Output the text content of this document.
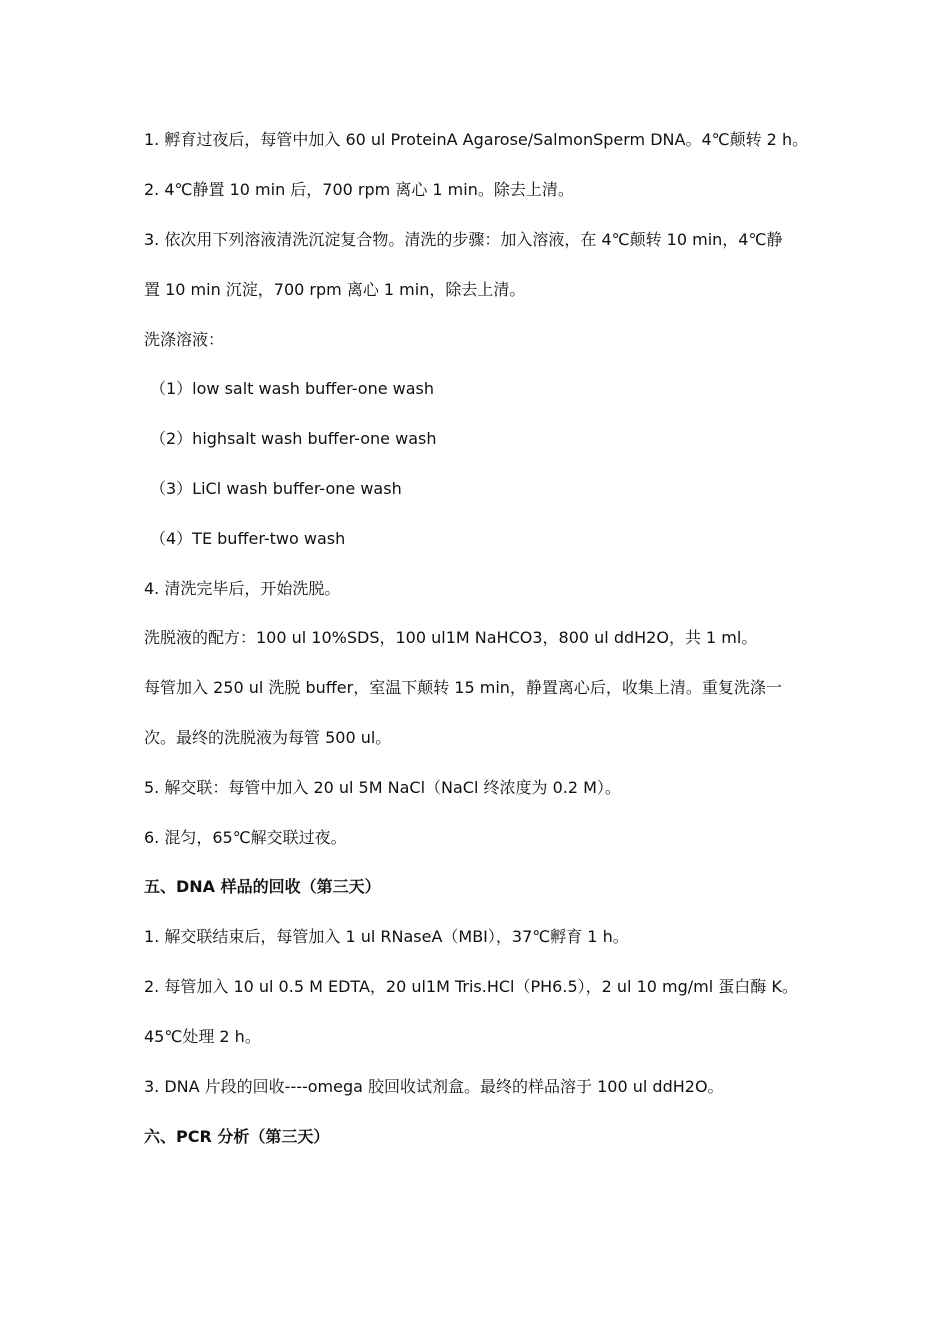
1. 孵育过夜后，每管中加入 60 ul ProteinA Agarose/SalmonSperm DNA。4℃颠转 2 h。
2. 4℃静置 10 min 后，700 rpm 离心 1 min。除去上清。
3. 依次用下列溶液清洗沉淀复合物。清洗的步骤：加入溶液，在 4℃颠转 10 min，4℃静
置 10 min 沉淀，700 rpm 离心 1 min，除去上清。
洗涤溶液：
（1）low salt wash buffer-one wash
（2）highsalt wash buffer-one wash
（3）LiCl wash buffer-one wash
（4）TE buffer-two wash
4. 清洗完毕后，开始洗脱。
洗脱液的配方：100 ul 10%SDS，100 ul1M NaHCO3，800 ul ddH2O，共 1 ml。
每管加入 250 ul 洗脱 buffer，室温下颠转 15 min，静置离心后，收集上清。重复洗涤一
次。最终的洗脱液为每管 500 ul。
5. 解交联：每管中加入 20 ul 5M NaCl（NaCl 终浓度为 0.2 M）。
6. 混匀，65℃解交联过夜。
五、DNA 样品的回收（第三天）
1. 解交联结束后，每管加入 1 ul RNaseA（MBI），37℃孵育 1 h。
2. 每管加入 10 ul 0.5 M EDTA，20 ul1M Tris.HCl（PH6.5），2 ul 10 mg/ml 蛋白酶 K。
45℃处理 2 h。
3. DNA 片段的回收----omega 胶回收试剂盒。最终的样品溶于 100 ul ddH2O。
六、PCR 分析（第三天）
